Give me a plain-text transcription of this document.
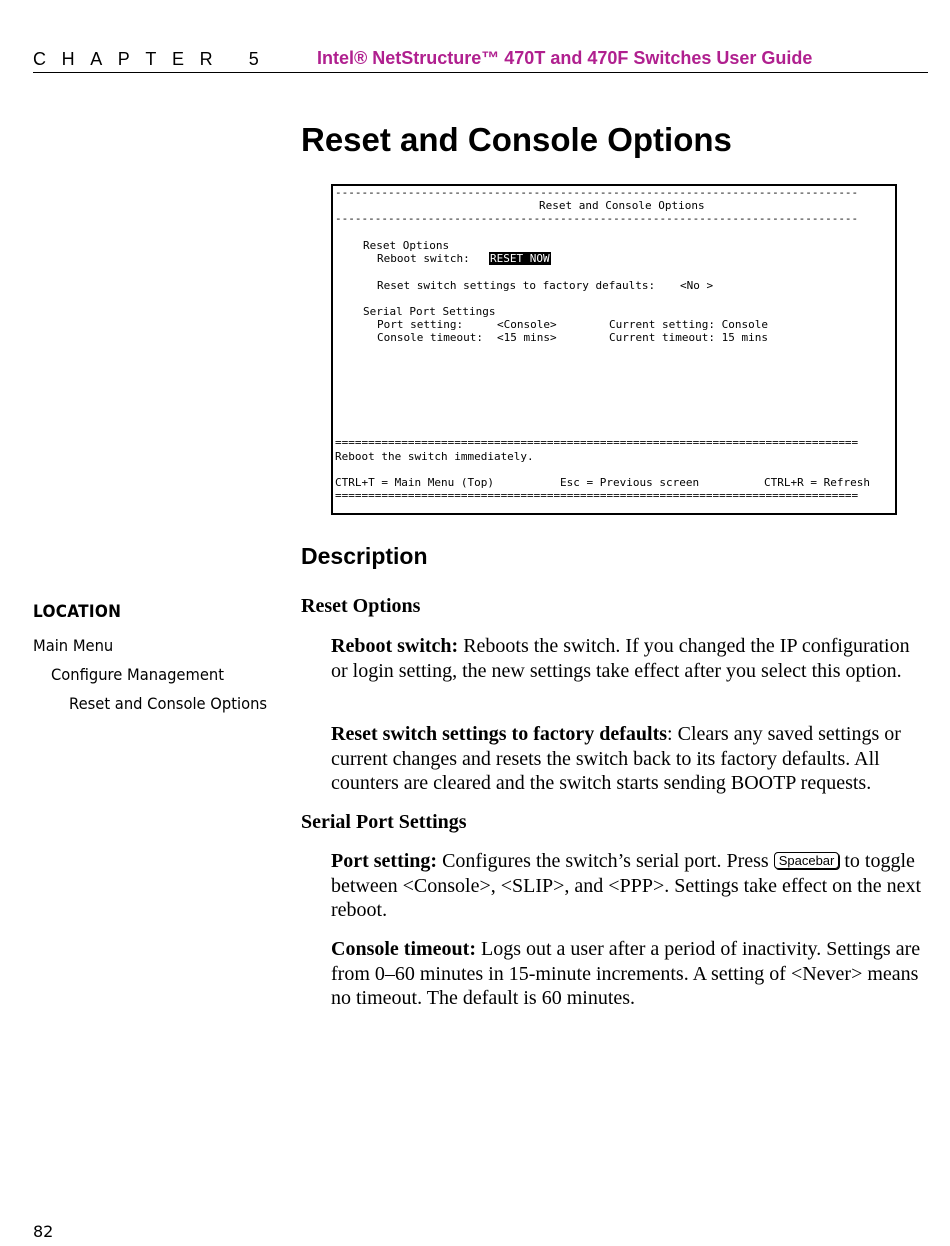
CHAPTER 5 Intel® NetStructure™ 470T and 470F Switches User Guide
Reset and Console Options
-------------------------------------------------------------------------------
Reset and Console Options
-------------------------------------------------------------------------------
Reset Options
Reboot switch: RESET NOW
Reset switch settings to factory defaults: <No >
Serial Port Settings
Port setting:	<Console>	Current setting: Console
Console timeout: <15 mins>	Current timeout: 15 mins
===============================================================================
Reboot the switch immediately.
CTRL+T = Main Menu (Top)	Esc = Previous screen	CTRL+R = Refresh
===============================================================================
Description
Reset Options

Reboot switch: Reboots the switch. If you changed the IP configuration or login setting, the new settings take effect after you select this option.

Reset switch settings to factory defaults: Clears any saved settings or current changes and resets the switch back to its factory defaults. All counters are cleared and the switch starts sending BOOTP requests.

Serial Port Settings

Port setting: Configures the switch’s serial port. Press Spacebar to toggle between <Console>, <SLIP>, and <PPP>. Settings take effect on the next reboot.

Console timeout: Logs out a user after a period of inactivity. Settings are from 0–60 minutes in 15-minute increments. A setting of <Never> means no timeout. The default is 60 minutes.

LOCATION
Main Menu
Configure Management
Reset and Console Options
82
